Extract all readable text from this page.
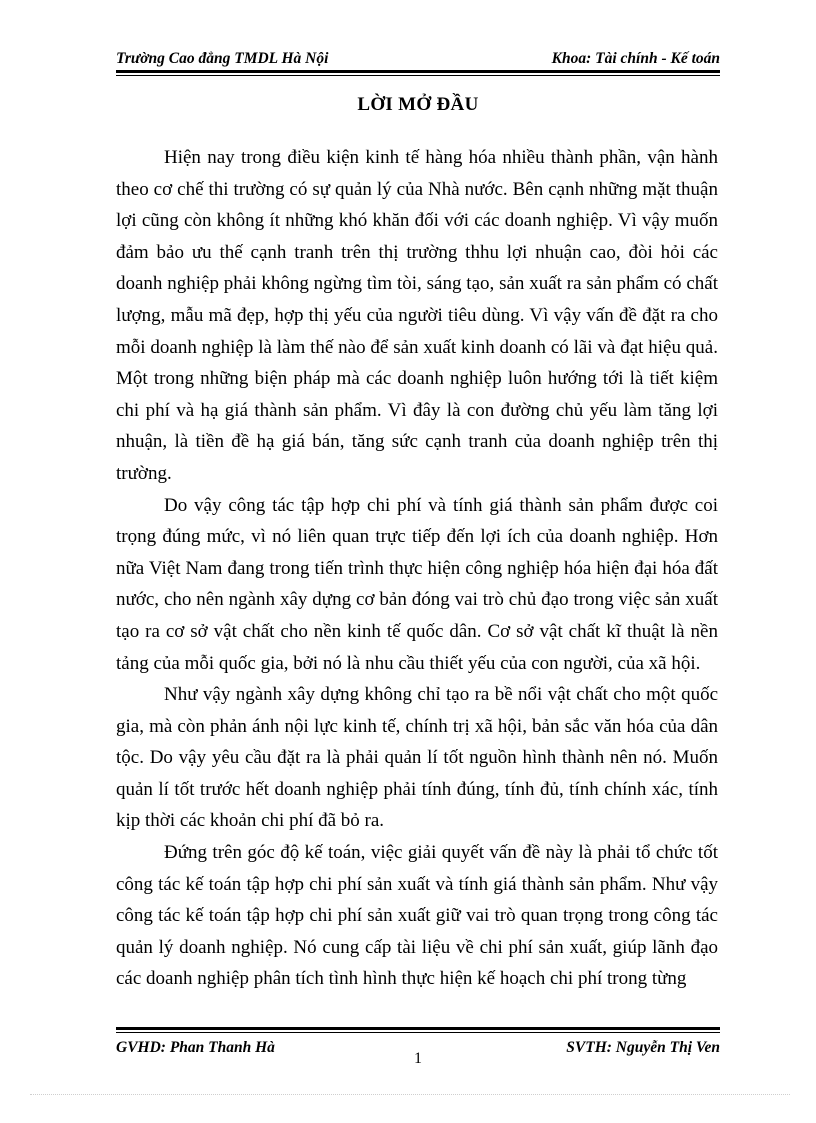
Trường Cao đẳng TMDL Hà Nội	Khoa: Tài chính - Kế toán
LỜI MỞ ĐẦU

Hiện nay trong điều kiện kinh tế hàng hóa nhiều thành phần, vận hành theo cơ chế thi trường có sự quản lý của Nhà nước. Bên cạnh những mặt thuận lợi cũng còn không ít những khó khăn đối với các doanh nghiệp. Vì vậy muốn đảm bảo ưu thế cạnh tranh trên thị trường thhu lợi nhuận cao, đòi hỏi các doanh nghiệp phải không ngừng tìm tòi, sáng tạo, sản xuất ra sản phẩm có chất lượng, mẫu mã đẹp, hợp thị yếu của người tiêu dùng. Vì vậy vấn đề đặt ra cho mỗi doanh nghiệp là làm thế nào để sản xuất kinh doanh có lãi và đạt hiệu quả. Một trong những biện pháp mà các doanh nghiệp luôn hướng tới là tiết kiệm chi phí và hạ giá thành sản phẩm. Vì đây là con đường chủ yếu làm tăng lợi nhuận, là tiền đề hạ giá bán, tăng sức cạnh tranh của doanh nghiệp trên thị trường.

Do vậy công tác tập hợp chi phí và tính giá thành sản phẩm được coi trọng đúng mức, vì nó liên quan trực tiếp đến lợi ích của doanh nghiệp. Hơn nữa Việt Nam đang trong tiến trình thực hiện công nghiệp hóa hiện đại hóa đất nước, cho nên ngành xây dựng cơ bản đóng vai trò chủ đạo trong việc sản xuất tạo ra cơ sở vật chất cho nền kinh tế quốc dân. Cơ sở vật chất kĩ thuật là nền tảng của mỗi quốc gia, bởi nó là nhu cầu thiết yếu của con người, của xã hội.

Như vậy ngành xây dựng không chỉ tạo ra bề nổi vật chất cho một quốc gia, mà còn phản ánh nội lực kinh tế, chính trị xã hội, bản sắc văn hóa của dân tộc. Do vậy yêu cầu đặt ra là phải quản lí tốt nguồn hình thành nên nó. Muốn quản lí tốt trước hết doanh nghiệp phải tính đúng, tính đủ, tính chính xác, tính kịp thời các khoản chi phí đã bỏ ra.

Đứng trên góc độ kế toán, việc giải quyết vấn đề này là phải tổ chức tốt công tác kế toán tập hợp chi phí sản xuất và tính giá thành sản phẩm. Như vậy công tác kế toán tập hợp chi phí sản xuất giữ vai trò quan trọng trong công tác quản lý doanh nghiệp. Nó cung cấp tài liệu về chi phí sản xuất, giúp lãnh đạo các doanh nghiệp phân tích tình hình thực hiện kế hoạch chi phí trong từng

GVHD: Phan Thanh Hà	SVTH: Nguyễn Thị Ven
1
